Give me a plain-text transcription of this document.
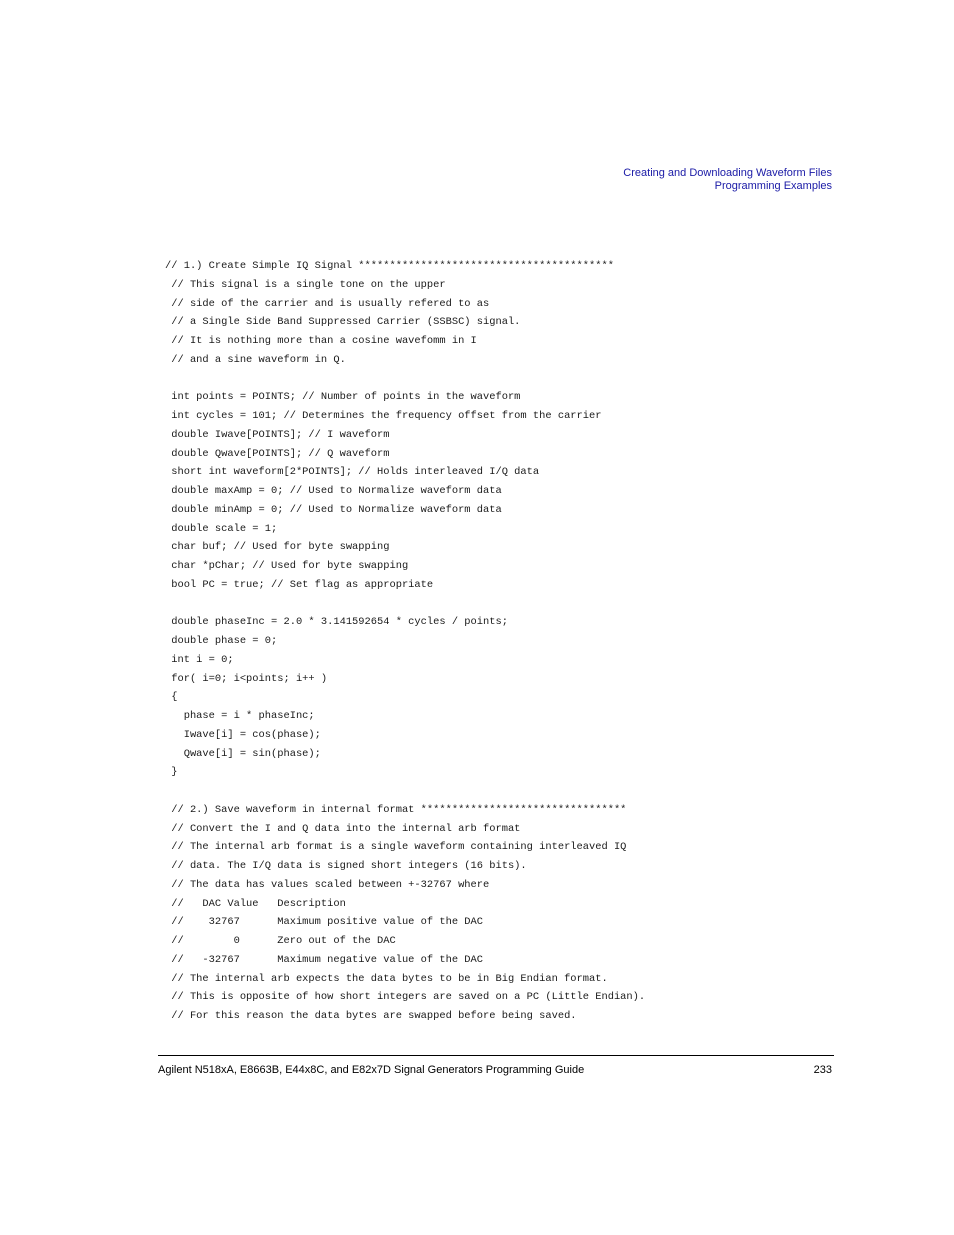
Creating and Downloading Waveform Files
Programming Examples
// 1.) Create Simple IQ Signal *****************************************
// This signal is a single tone on the upper
// side of the carrier and is usually refered to as
// a Single Side Band Suppressed Carrier (SSBSC) signal.
// It is nothing more than a cosine wavefomm in I
// and a sine waveform in Q.
int points = POINTS; // Number of points in the waveform
int cycles = 101; // Determines the frequency offset from the carrier
double Iwave[POINTS]; // I waveform
double Qwave[POINTS]; // Q waveform
short int waveform[2*POINTS]; // Holds interleaved I/Q data
double maxAmp = 0; // Used to Normalize waveform data
double minAmp = 0; // Used to Normalize waveform data
double scale = 1;
char buf; // Used for byte swapping
char *pChar; // Used for byte swapping
bool PC = true; // Set flag as appropriate
double phaseInc = 2.0 * 3.141592654 * cycles / points;
double phase = 0;
int i = 0;
for( i=0; i<points; i++ )
{
phase = i * phaseInc;
Iwave[i] = cos(phase);
Qwave[i] = sin(phase);
}
// 2.) Save waveform in internal format *********************************
// Convert the I and Q data into the internal arb format
// The internal arb format is a single waveform containing interleaved IQ
// data. The I/Q data is signed short integers (16 bits).
// The data has values scaled between +-32767 where
//   DAC Value   Description
//    32767      Maximum positive value of the DAC
//        0      Zero out of the DAC
//   -32767      Maximum negative value of the DAC
// The internal arb expects the data bytes to be in Big Endian format.
// This is opposite of how short integers are saved on a PC (Little Endian).
// For this reason the data bytes are swapped before being saved.
Agilent N518xA, E8663B, E44x8C, and E82x7D Signal Generators Programming Guide	233
